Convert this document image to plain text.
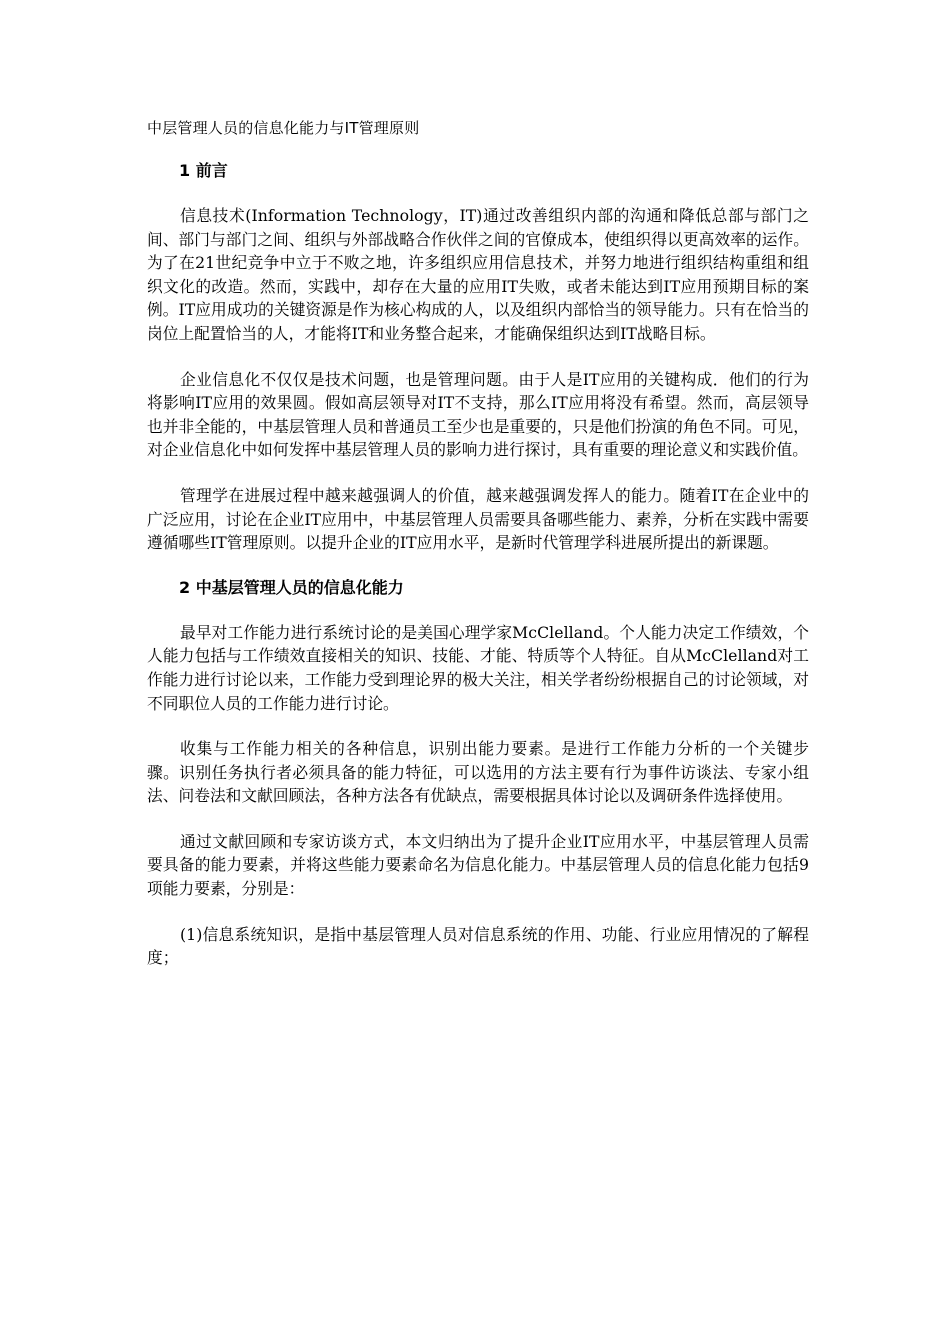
中层管理人员的信息化能力与IT管理原则
1 前言

信息技术(Information Technology，IT)通过改善组织内部的沟通和降低总部与部门之间、部门与部门之间、组织与外部战略合作伙伴之间的官僚成本，使组织得以更高效率的运作。为了在21世纪竞争中立于不败之地，许多组织应用信息技术，并努力地进行组织结构重组和组织文化的改造。然而，实践中，却存在大量的应用IT失败，或者未能达到IT应用预期目标的案例。IT应用成功的关键资源是作为核心构成的人，以及组织内部恰当的领导能力。只有在恰当的岗位上配置恰当的人，才能将IT和业务整合起来，才能确保组织达到IT战略目标。

企业信息化不仅仅是技术问题，也是管理问题。由于人是IT应用的关键构成．他们的行为将影响IT应用的效果圆。假如高层领导对IT不支持，那么IT应用将没有希望。然而，高层领导也并非全能的，中基层管理人员和普通员工至少也是重要的，只是他们扮演的角色不同。可见，对企业信息化中如何发挥中基层管理人员的影响力进行探讨，具有重要的理论意义和实践价值。

管理学在进展过程中越来越强调人的价值，越来越强调发挥人的能力。随着IT在企业中的广泛应用，讨论在企业IT应用中，中基层管理人员需要具备哪些能力、素养，分析在实践中需要遵循哪些IT管理原则。以提升企业的IT应用水平，是新时代管理学科进展所提出的新课题。

2 中基层管理人员的信息化能力

最早对工作能力进行系统讨论的是美国心理学家McClelland。个人能力决定工作绩效，个人能力包括与工作绩效直接相关的知识、技能、才能、特质等个人特征。自从McClelland对工作能力进行讨论以来，工作能力受到理论界的极大关注，相关学者纷纷根据自己的讨论领域，对不同职位人员的工作能力进行讨论。

收集与工作能力相关的各种信息，识别出能力要素。是进行工作能力分析的一个关键步骤。识别任务执行者必须具备的能力特征，可以选用的方法主要有行为事件访谈法、专家小组法、问卷法和文献回顾法，各种方法各有优缺点，需要根据具体讨论以及调研条件选择使用。

通过文献回顾和专家访谈方式，本文归纳出为了提升企业IT应用水平，中基层管理人员需要具备的能力要素，并将这些能力要素命名为信息化能力。中基层管理人员的信息化能力包括9项能力要素，分别是：

(1)信息系统知识，是指中基层管理人员对信息系统的作用、功能、行业应用情况的了解程度；
